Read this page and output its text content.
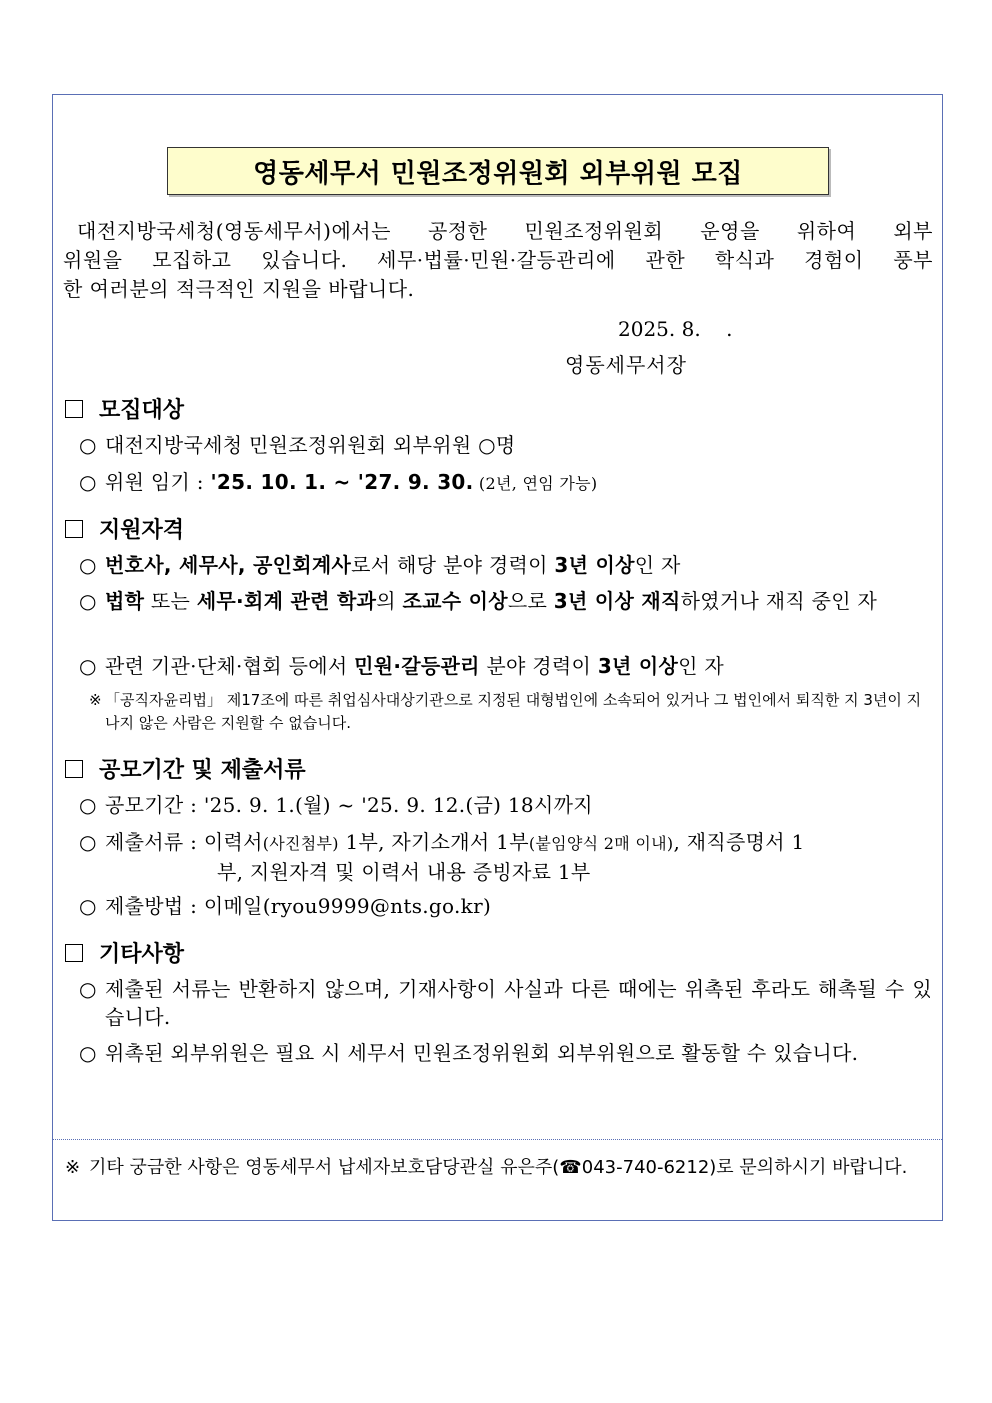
영동세무서 민원조정위원회 외부위원 모집
대전지방국세청(영동세무서)에서는 공정한 민원조정위원회 운영을 위하여 외부
위원을 모집하고 있습니다. 세무·법률·민원·갈등관리에 관한 학식과 경험이 풍부
한 여러분의 적극적인 지원을 바랍니다.
2025. 8.    .
영동세무서장
모집대상
○ 대전지방국세청 민원조정위원회 외부위원 ○명
○ 위원 임기 : '25. 10. 1. ~ '27. 9. 30. (2년, 연임 가능)
지원자격
○ 번호사, 세무사, 공인회계사로서 해당 분야 경력이 3년 이상인 자
○ 법학 또는 세무·회계 관련 학과의 조교수 이상으로 3년 이상 재직하였거나 재직 중인 자
○ 관련 기관·단체·협회 등에서 민원·갈등관리 분야 경력이 3년 이상인 자
※ 「공직자윤리법」 제17조에 따른 취업심사대상기관으로 지정된 대형법인에 소속되어 있거나 그 법인에서 퇴직한 지 3년이 지나지 않은 사람은 지원할 수 없습니다.
공모기간 및 제출서류
○ 공모기간 : '25. 9. 1.(월) ~ '25. 9. 12.(금) 18시까지
○ 제출서류 : 이력서(사진첨부) 1부, 자기소개서 1부(붙임양식 2매 이내), 재직증명서 1
부, 지원자격 및 이력서 내용 증빙자료 1부
○ 제출방법 : 이메일(ryou9999@nts.go.kr)
기타사항
○ 제출된 서류는 반환하지 않으며, 기재사항이 사실과 다른 때에는 위촉된 후라도 해촉될 수 있습니다.
○ 위촉된 외부위원은 필요 시 세무서 민원조정위원회 외부위원으로 활동할 수 있습니다.
※ 기타 궁금한 사항은 영동세무서 납세자보호담당관실 유은주(☎043-740-6212)로 문의하시기 바랍니다.
